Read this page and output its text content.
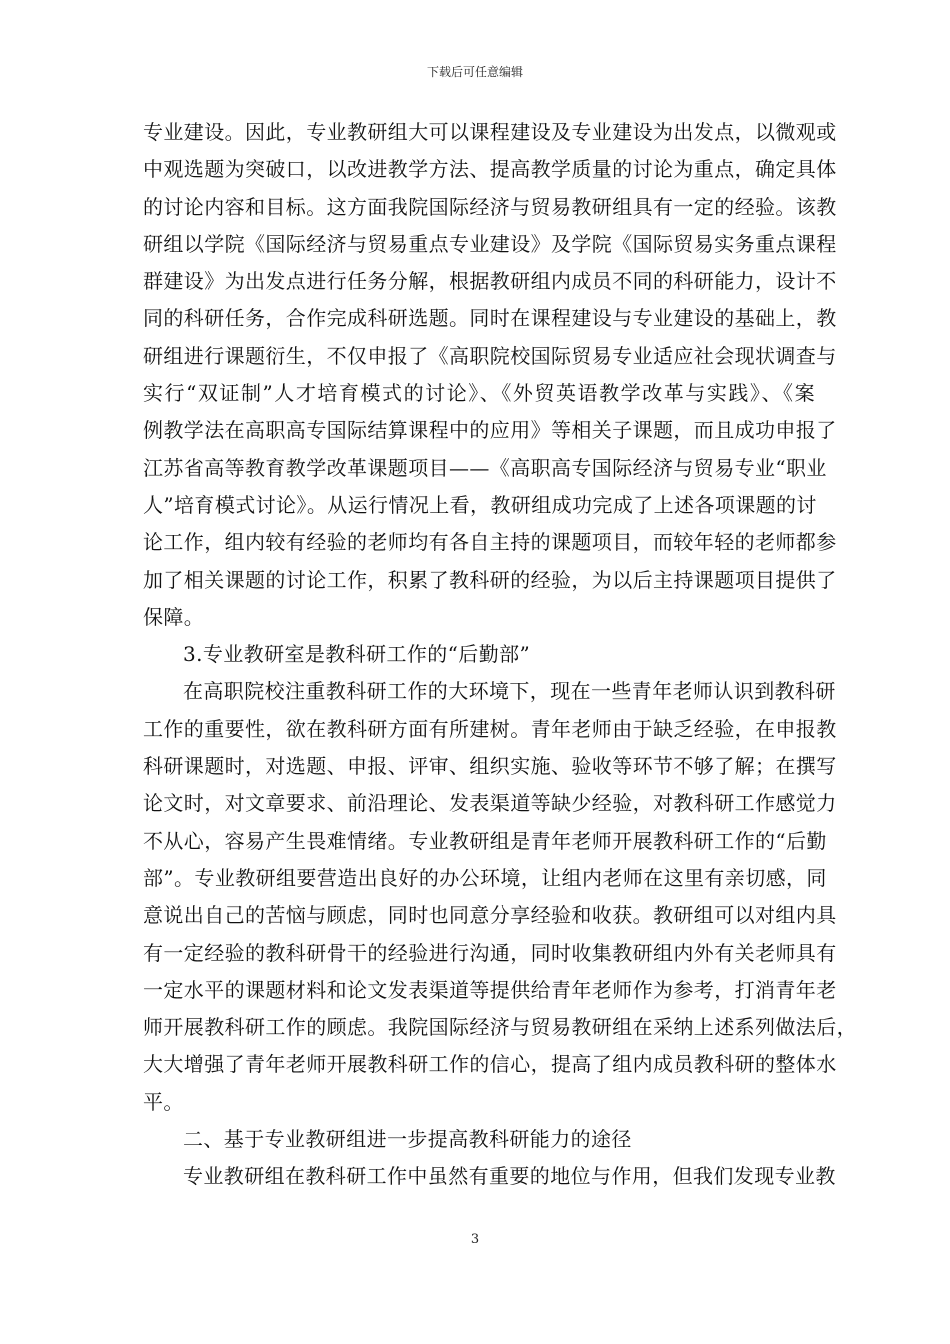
下载后可任意编辑
专业建设。因此，专业教研组大可以课程建设及专业建设为出发点，以微观或
中观选题为突破口，以改进教学方法、提高教学质量的讨论为重点，确定具体
的讨论内容和目标。这方面我院国际经济与贸易教研组具有一定的经验。该教
研组以学院《国际经济与贸易重点专业建设》及学院《国际贸易实务重点课程
群建设》为出发点进行任务分解，根据教研组内成员不同的科研能力，设计不
同的科研任务，合作完成科研选题。同时在课程建设与专业建设的基础上，教
研组进行课题衍生，不仅申报了《高职院校国际贸易专业适应社会现状调查与
实行“双证制”人才培育模式的讨论》、《外贸英语教学改革与实践》、《案
例教学法在高职高专国际结算课程中的应用》等相关子课题，而且成功申报了
江苏省高等教育教学改革课题项目——《高职高专国际经济与贸易专业“职业
人”培育模式讨论》。从运行情况上看，教研组成功完成了上述各项课题的讨
论工作，组内较有经验的老师均有各自主持的课题项目，而较年轻的老师都参
加了相关课题的讨论工作，积累了教科研的经验，为以后主持课题项目提供了
保障。
3.专业教研室是教科研工作的“后勤部”
在高职院校注重教科研工作的大环境下，现在一些青年老师认识到教科研
工作的重要性，欲在教科研方面有所建树。青年老师由于缺乏经验，在申报教
科研课题时，对选题、申报、评审、组织实施、验收等环节不够了解；在撰写
论文时，对文章要求、前沿理论、发表渠道等缺少经验，对教科研工作感觉力
不从心，容易产生畏难情绪。专业教研组是青年老师开展教科研工作的“后勤
部”。专业教研组要营造出良好的办公环境，让组内老师在这里有亲切感，同
意说出自己的苦恼与顾虑，同时也同意分享经验和收获。教研组可以对组内具
有一定经验的教科研骨干的经验进行沟通，同时收集教研组内外有关老师具有
一定水平的课题材料和论文发表渠道等提供给青年老师作为参考，打消青年老
师开展教科研工作的顾虑。我院国际经济与贸易教研组在采纳上述系列做法后，
大大增强了青年老师开展教科研工作的信心，提高了组内成员教科研的整体水
平。
二、基于专业教研组进一步提高教科研能力的途径
专业教研组在教科研工作中虽然有重要的地位与作用，但我们发现专业教
3
